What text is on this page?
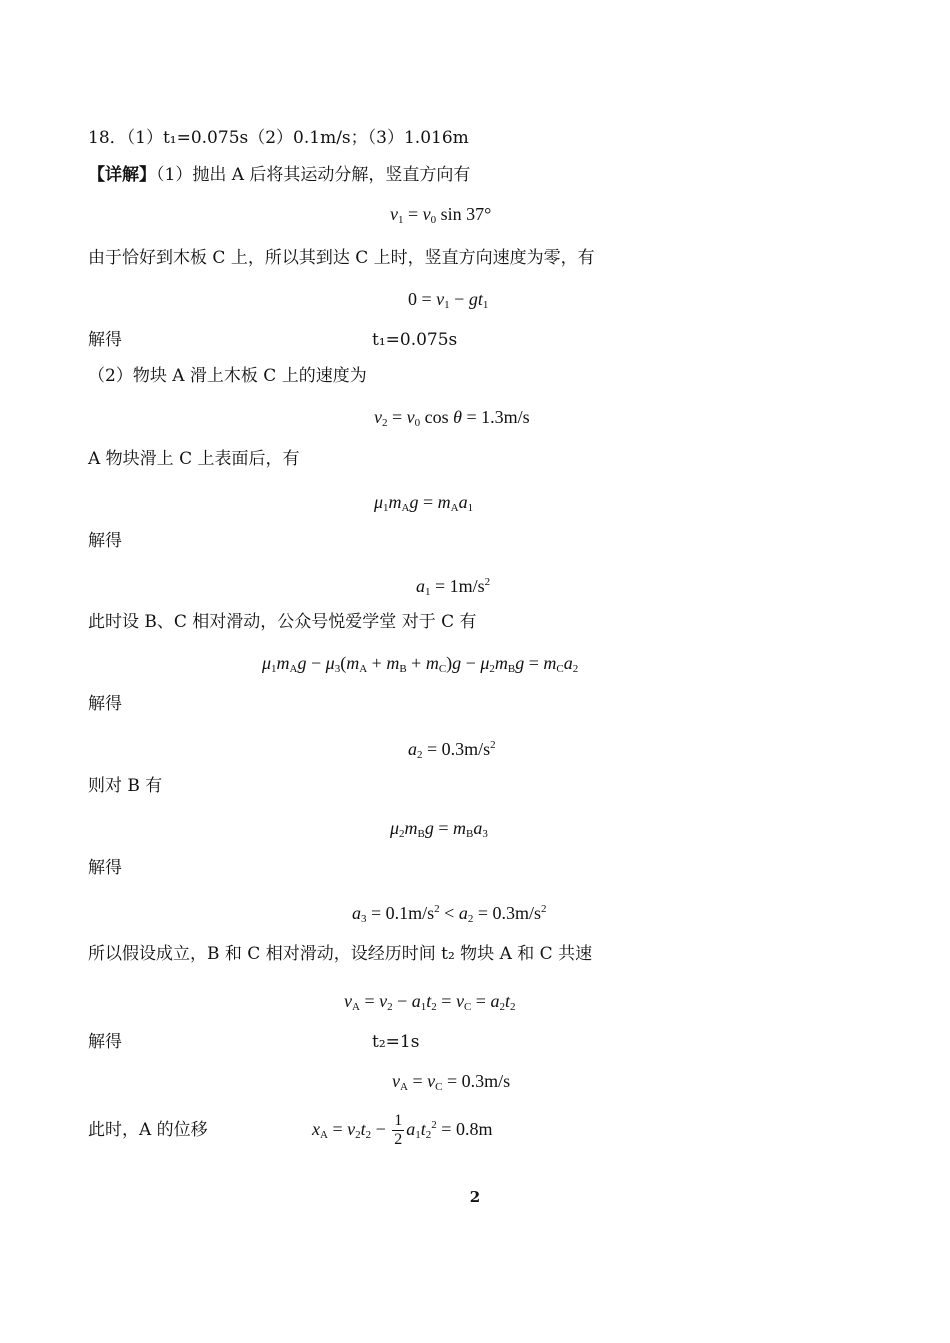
18．（1）t₁=0.075s（2）0.1m/s；（3）1.016m
【详解】（1）抛出 A 后将其运动分解，竖直方向有
$v_1 = v_0$ sin 37°
由于恰好到木板 C 上，所以其到达 C 上时，竖直方向速度为零，有
$0 = v_1 - gt_1$
解得	t₁=0.075s
（2）物块 A 滑上木板 C 上的速度为
$v_2 = v_0$ cos θ = 1.3m/s
A 物块滑上 C 上表面后，有
$\mu_1m_Ag = m_Aa_1$
解得
$a_1 = 1m/s^2$
此时设 B、C 相对滑动，公众号悦爱学堂 对于 C 有
$\mu_1m_Ag - \mu_3(m_A + m_B + m_C)g - \mu_2m_Bg = m_Ca_2$
解得
$a_2 = 0.3m/s^2$
则对 B 有
$\mu_2m_Bg = m_Ba_3$
解得
$a_3 = 0.1m/s^2 < a_2 = 0.3m/s^2$
所以假设成立，B 和 C 相对滑动，设经历时间 t₂ 物块 A 和 C 共速
$v_A = v_2 - a_1t_2 = v_C = a_2t_2$
解得	t₂=1s
$v_A = v_C = 0.3m/s$
此时，A 的位移	$x_A = v_2t_2 - \frac{1}{2} a_1t_2^2 = 0.8m$
2
